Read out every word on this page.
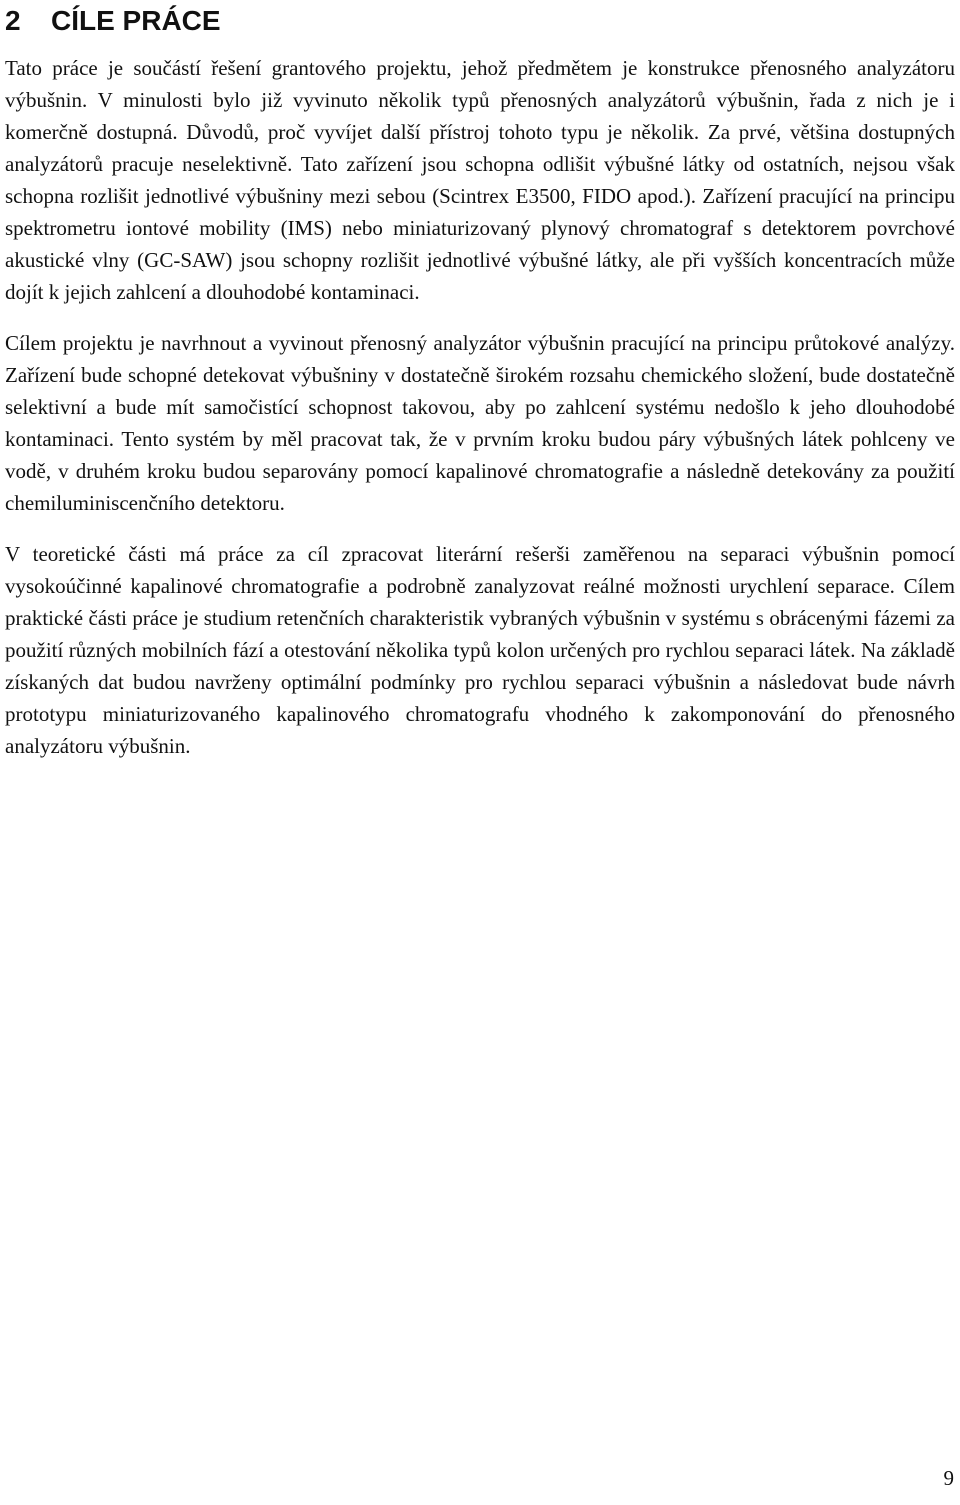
2 CÍLE PRÁCE

Tato práce je součástí řešení grantového projektu, jehož předmětem je konstrukce přenosného analyzátoru výbušnin. V minulosti bylo již vyvinuto několik typů přenosných analyzátorů výbušnin, řada z nich je i komerčně dostupná. Důvodů, proč vyvíjet další přístroj tohoto typu je několik. Za prvé, většina dostupných analyzátorů pracuje neselektivně. Tato zařízení jsou schopna odlišit výbušné látky od ostatních, nejsou však schopna rozlišit jednotlivé výbušniny mezi sebou (Scintrex E3500, FIDO apod.). Zařízení pracující na principu spektrometru iontové mobility (IMS) nebo miniaturizovaný plynový chromatograf s detektorem povrchové akustické vlny (GC-SAW) jsou schopny rozlišit jednotlivé výbušné látky, ale při vyšších koncentracích může dojít k jejich zahlcení a dlouhodobé kontaminaci.

Cílem projektu je navrhnout a vyvinout přenosný analyzátor výbušnin pracující na principu průtokové analýzy. Zařízení bude schopné detekovat výbušniny v dostatečně širokém rozsahu chemického složení, bude dostatečně selektivní a bude mít samočistící schopnost takovou, aby po zahlcení systému nedošlo k jeho dlouhodobé kontaminaci. Tento systém by měl pracovat tak, že v prvním kroku budou páry výbušných látek pohlceny ve vodě, v druhém kroku budou separovány pomocí kapalinové chromatografie a následně detekovány za použití chemiluminiscenčního detektoru.

V teoretické části má práce za cíl zpracovat literární rešerši zaměřenou na separaci výbušnin pomocí vysokoúčinné kapalinové chromatografie a podrobně zanalyzovat reálné možnosti urychlení separace. Cílem praktické části práce je studium retenčních charakteristik vybraných výbušnin v systému s obrácenými fázemi za použití různých mobilních fází a otestování několika typů kolon určených pro rychlou separaci látek. Na základě získaných dat budou navrženy optimální podmínky pro rychlou separaci výbušnin a následovat bude návrh prototypu miniaturizovaného kapalinového chromatografu vhodného k zakomponování do přenosného analyzátoru výbušnin.

9
